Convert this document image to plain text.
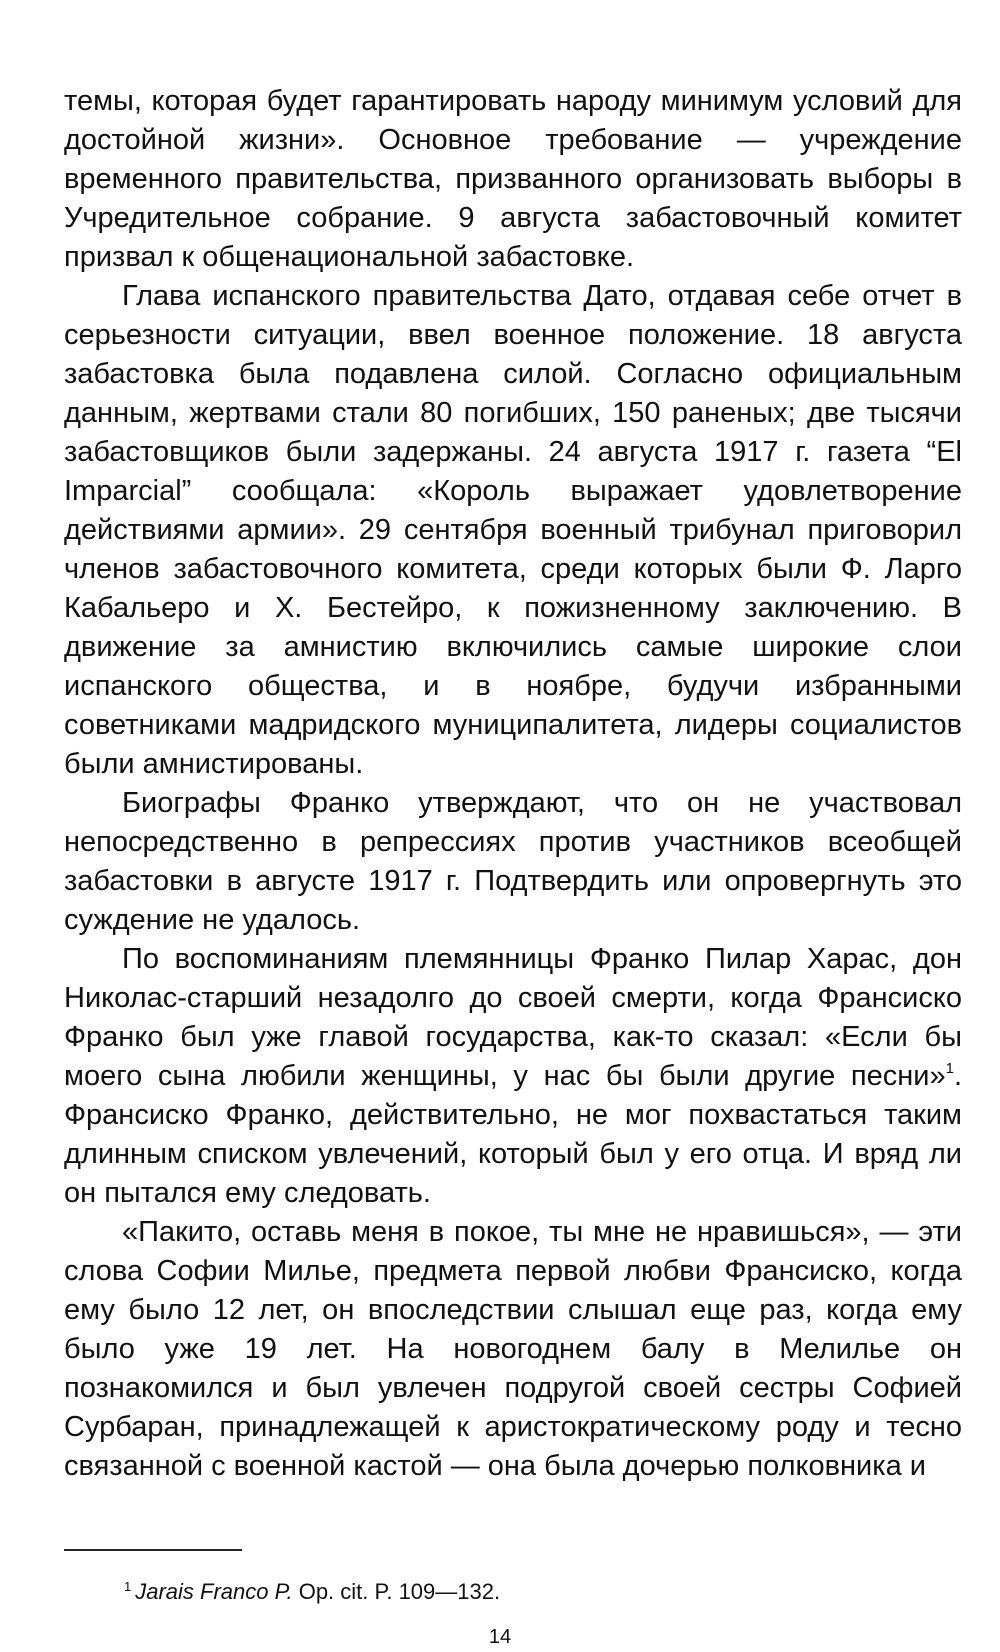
темы, которая будет гарантировать народу минимум условий для достойной жизни». Основное требование — учреждение временного правительства, призванного организовать выборы в Учредительное собрание. 9 августа забастовочный комитет призвал к общенациональной забастовке.

Глава испанского правительства Дато, отдавая себе отчет в серьезности ситуации, ввел военное положение. 18 августа забастовка была подавлена силой. Согласно официальным данным, жертвами стали 80 погибших, 150 раненых; две тысячи забастовщиков были задержаны. 24 августа 1917 г. газета “El Imparcial” сообщала: «Король выражает удовлетворение действиями армии». 29 сентября военный трибунал приговорил членов забастовочного комитета, среди которых были Ф. Ларго Кабальеро и Х. Бестейро, к пожизненному заключению. В движение за амнистию включились самые широкие слои испанского общества, и в ноябре, будучи избранными советниками мадридского муниципалитета, лидеры социалистов были амнистированы.

Биографы Франко утверждают, что он не участвовал непосредственно в репрессиях против участников всеобщей забастовки в августе 1917 г. Подтвердить или опровергнуть это суждение не удалось.

По воспоминаниям племянницы Франко Пилар Харас, дон Николас-старший незадолго до своей смерти, когда Франсиско Франко был уже главой государства, как-то сказал: «Если бы моего сына любили женщины, у нас бы были другие песни»$^1$. Франсиско Франко, действительно, не мог похвастаться таким длинным списком увлечений, который был у его отца. И вряд ли он пытался ему следовать.

«Пакито, оставь меня в покое, ты мне не нравишься», — эти слова Софии Милье, предмета первой любви Франсиско, когда ему было 12 лет, он впоследствии слышал еще раз, когда ему было уже 19 лет. На новогоднем балу в Мелилье он познакомился и был увлечен подругой своей сестры Софией Сурбаран, принадлежащей к аристократическому роду и тесно связанной с военной кастой — она была дочерью полковника и

$^1$ Jarais Franco P. Op. cit. P. 109—132.
14
